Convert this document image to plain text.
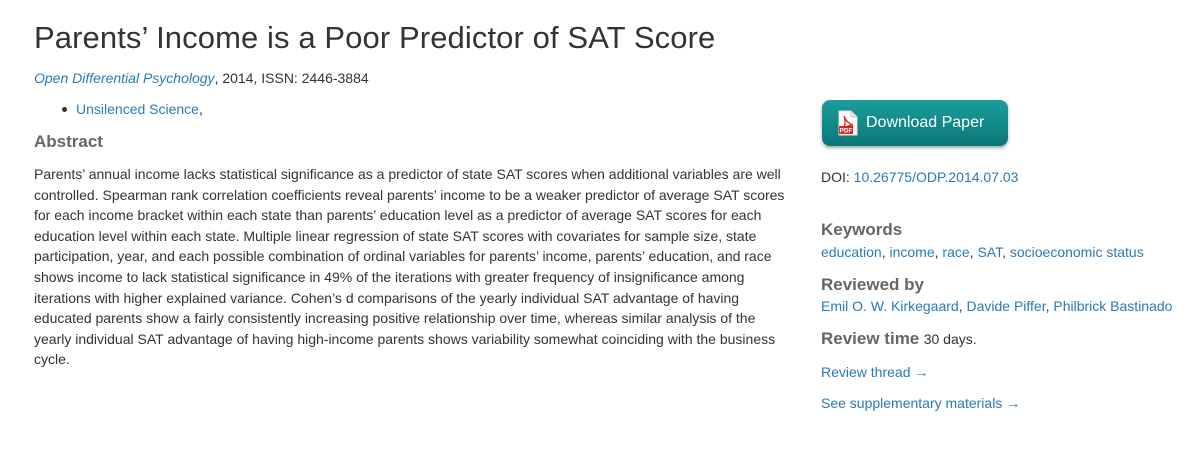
Parents’ Income is a Poor Predictor of SAT Score
Open Differential Psychology, 2014, ISSN: 2446-3884
Unsilenced Science,
Abstract

Parents’ annual income lacks statistical significance as a predictor of state SAT scores when additional variables are well controlled. Spearman rank correlation coefficients reveal parents’ income to be a weaker predictor of average SAT scores for each income bracket within each state than parents’ education level as a predictor of average SAT scores for each education level within each state. Multiple linear regression of state SAT scores with covariates for sample size, state participation, year, and each possible combination of ordinal variables for parents’ income, parents’ education, and race shows income to lack statistical significance in 49% of the iterations with greater frequency of insignificance among iterations with higher explained variance. Cohen’s d comparisons of the yearly individual SAT advantage of having educated parents show a fairly consistently increasing positive relationship over time, whereas similar analysis of the yearly individual SAT advantage of having high-income parents shows variability somewhat coinciding with the business cycle.

PDF Download Paper
DOI: 10.26775/ODP.2014.07.03
Keywords
education, income, race, SAT, socioeconomic status
Reviewed by
Emil O. W. Kirkegaard, Davide Piffer, Philbrick Bastinado
Review time 30 days.
Review thread →
See supplementary materials →
